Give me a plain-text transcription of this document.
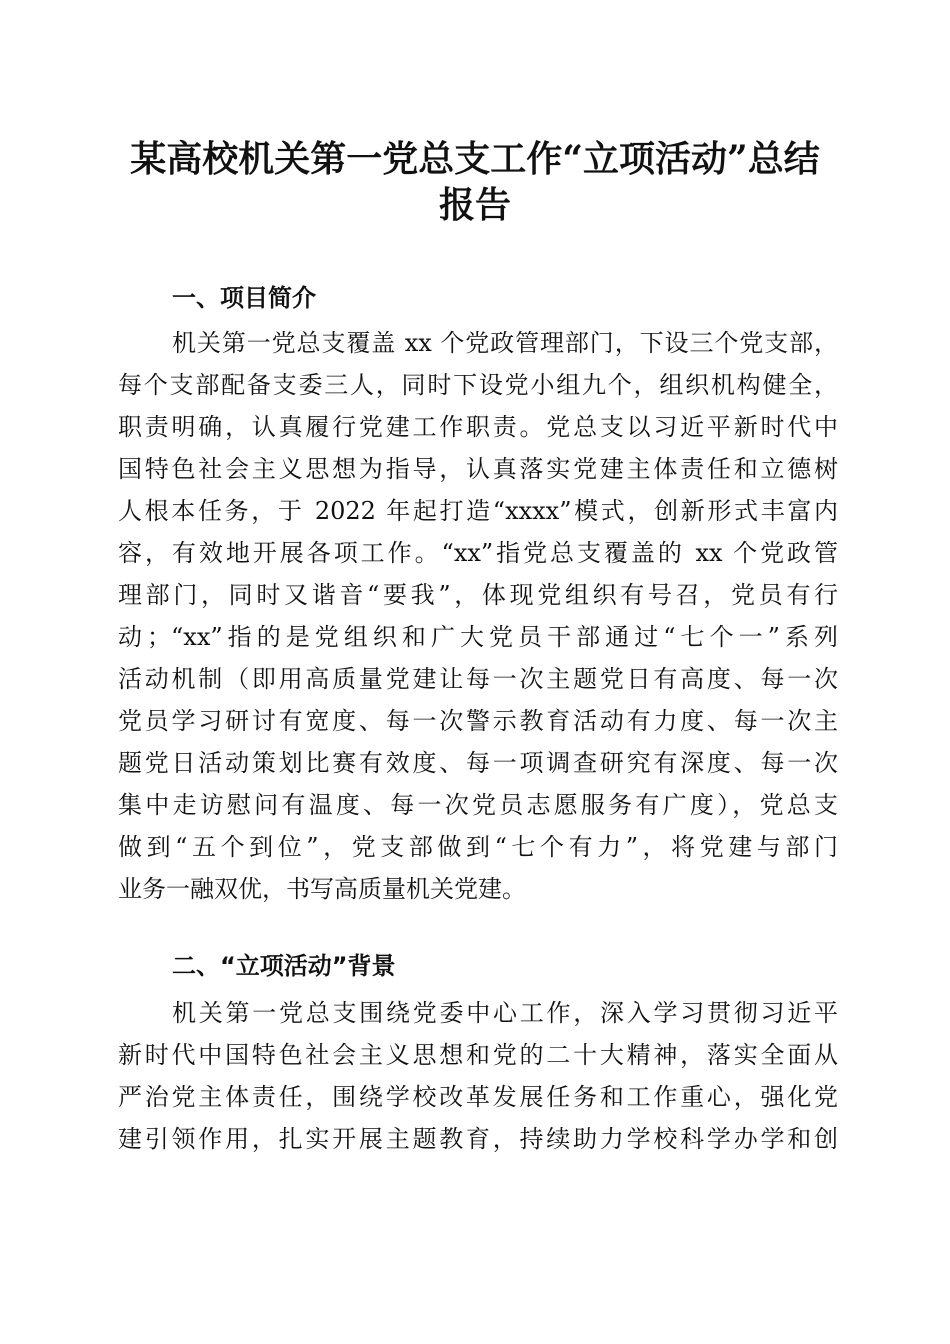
某高校机关第一党总支工作“立项活动”总结
报告
一、项目简介
机关第一党总支覆盖 xx 个党政管理部门，下设三个党支部，
每个支部配备支委三人，同时下设党小组九个，组织机构健全，
职责明确，认真履行党建工作职责。党总支以习近平新时代中
国特色社会主义思想为指导，认真落实党建主体责任和立德树
人根本任务，于 2022 年起打造“xxxx”模式，创新形式丰富内
容，有效地开展各项工作。“xx”指党总支覆盖的 xx 个党政管
理部门，同时又谐音“要我”，体现党组织有号召，党员有行
动；“xx”指的是党组织和广大党员干部通过“七个一”系列
活动机制（即用高质量党建让每一次主题党日有高度、每一次
党员学习研讨有宽度、每一次警示教育活动有力度、每一次主
题党日活动策划比赛有效度、每一项调查研究有深度、每一次
集中走访慰问有温度、每一次党员志愿服务有广度），党总支
做到“五个到位”，党支部做到“七个有力”，将党建与部门
业务一融双优，书写高质量机关党建。
二、“立项活动”背景
机关第一党总支围绕党委中心工作，深入学习贯彻习近平
新时代中国特色社会主义思想和党的二十大精神，落实全面从
严治党主体责任，围绕学校改革发展任务和工作重心，强化党
建引领作用，扎实开展主题教育，持续助力学校科学办学和创
